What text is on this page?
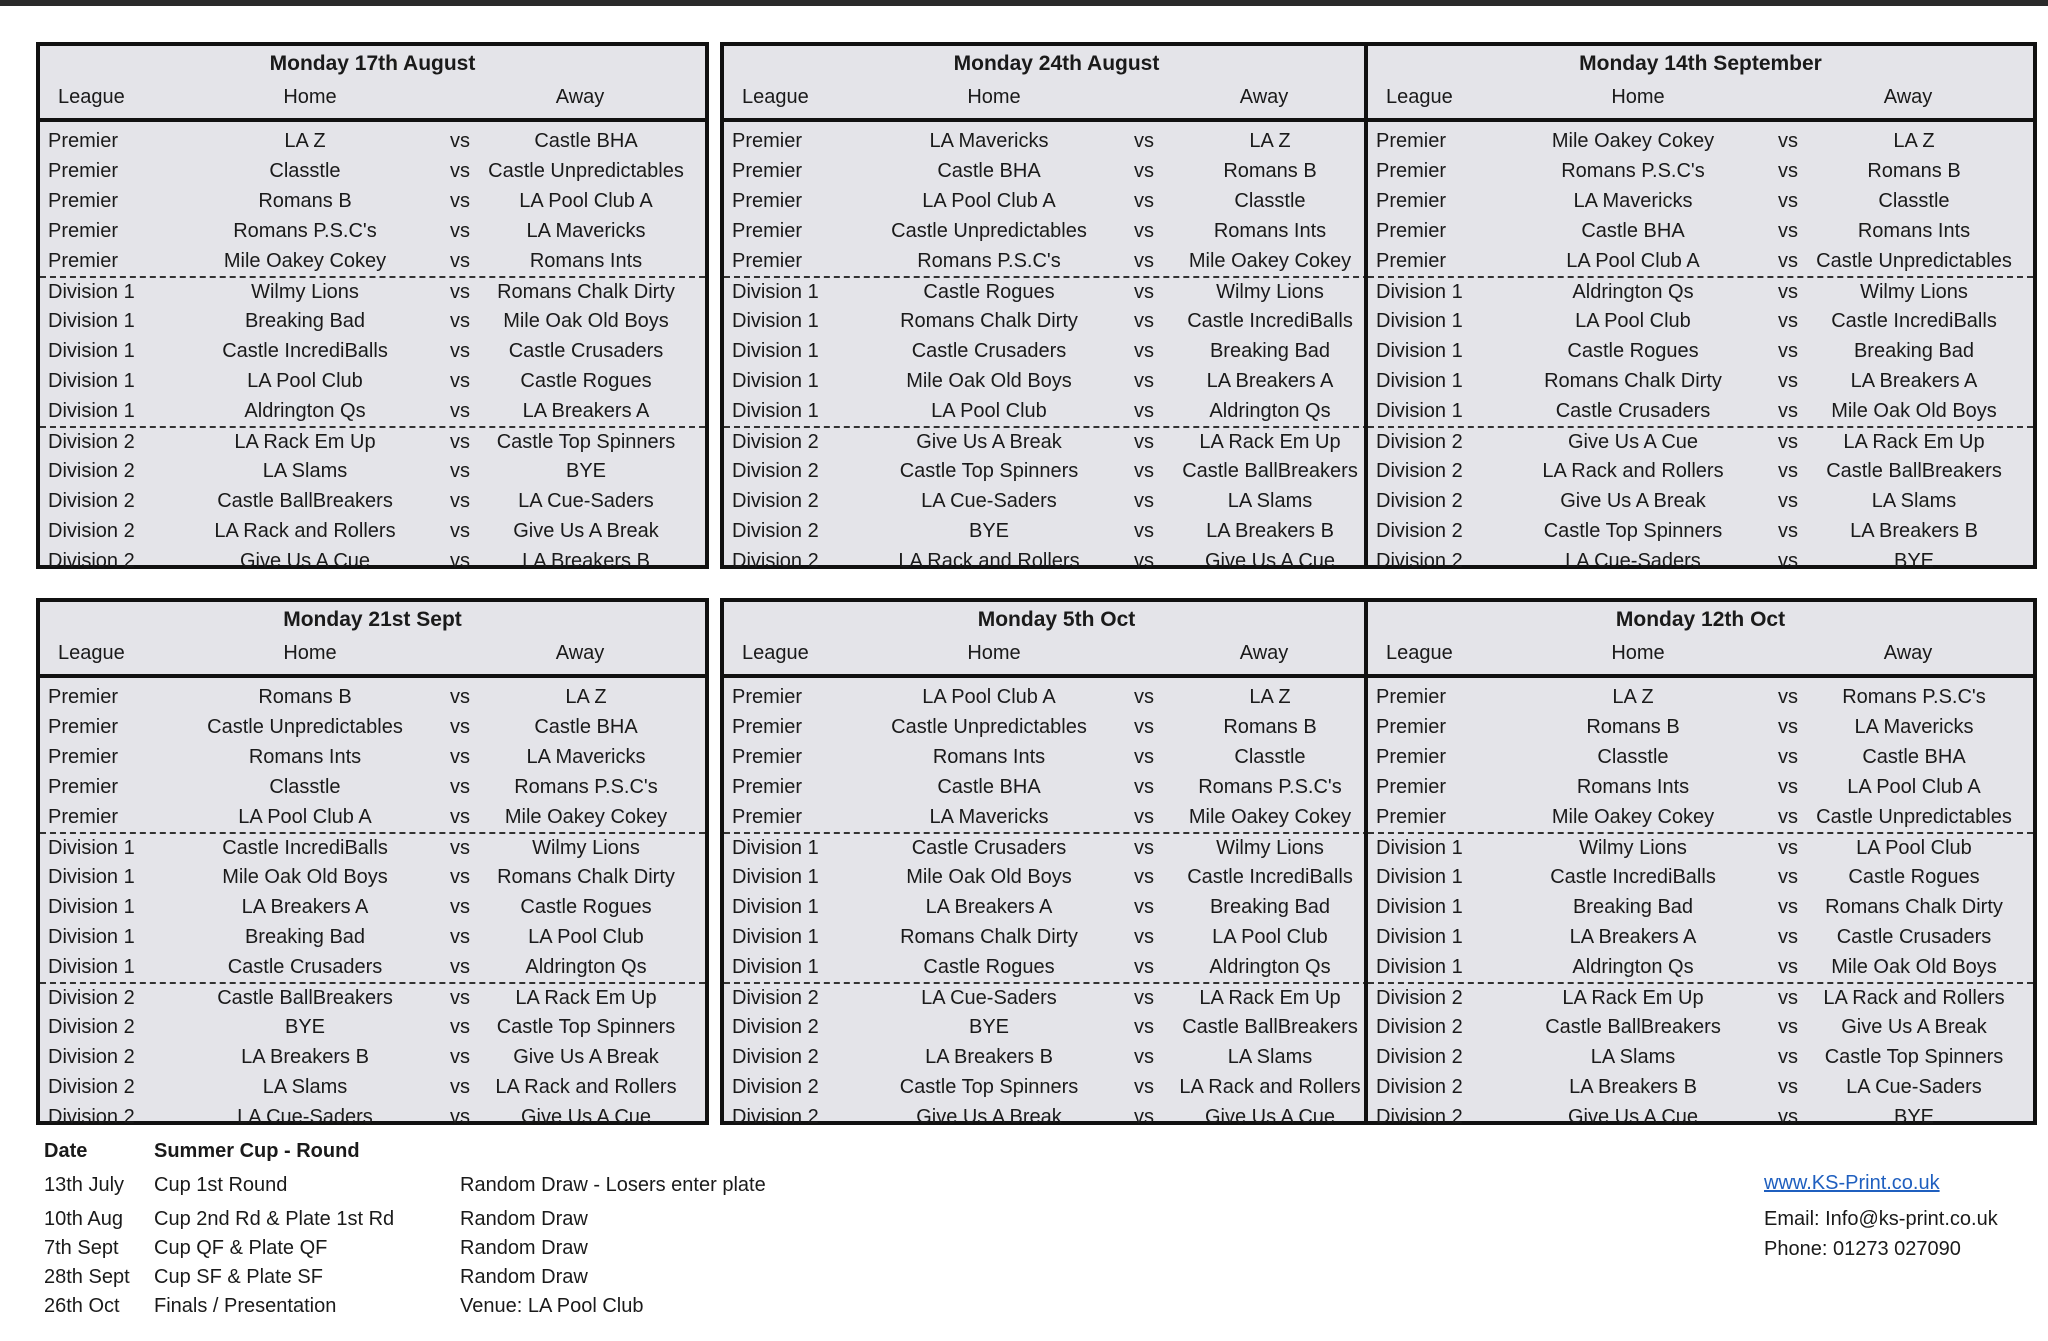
Monday 17th August
League	Home	Away
Premier	LA Z	vs	Castle BHA
Premier	Classtle	vs Castle Unpredictables
Premier	Romans B	vs	LA Pool Club A
Premier	Romans P.S.C's	vs	LA Mavericks
Premier	Mile Oakey Cokey	vs	Romans Ints
Division 1	Wilmy Lions	vs	Romans Chalk Dirty
Division 1	Breaking Bad	vs	Mile Oak Old Boys
Division 1	Castle IncrediBalls	vs	Castle Crusaders
Division 1	LA Pool Club	vs	Castle Rogues
Division 1	Aldrington Qs	vs	LA Breakers A
Division 2	LA Rack Em Up	vs	Castle Top Spinners
Division 2	LA Slams	vs	BYE
Division 2	Castle BallBreakers	vs	LA Cue-Saders
Division 2	LA Rack and Rollers	vs	Give Us A Break
Division 2	Give Us A Cue	vs	LA Breakers B
Monday 24th August
League	Home	Away
Premier	LA Mavericks	vs	LA Z
Premier	Castle BHA	vs	Romans B
Premier	LA Pool Club A	vs	Classtle
Premier	Castle Unpredictables	vs	Romans Ints
Premier	Romans P.S.C's	vs	Mile Oakey Cokey
Division 1	Castle Rogues	vs	Wilmy Lions
Division 1	Romans Chalk Dirty	vs	Castle IncrediBalls
Division 1	Castle Crusaders	vs	Breaking Bad
Division 1	Mile Oak Old Boys	vs	LA Breakers A
Division 1	LA Pool Club	vs	Aldrington Qs
Division 2	Give Us A Break	vs	LA Rack Em Up
Division 2	Castle Top Spinners	vs	Castle BallBreakers
Division 2	LA Cue-Saders	vs	LA Slams
Division 2	BYE	vs	LA Breakers B
Division 2	LA Rack and Rollers	vs	Give Us A Cue
Monday 14th September
League	Home	Away
Premier	Mile Oakey Cokey	vs	LA Z
Premier	Romans P.S.C's	vs	Romans B
Premier	LA Mavericks	vs	Classtle
Premier	Castle BHA	vs	Romans Ints
Premier	LA Pool Club A	vs Castle Unpredictables
Division 1	Aldrington Qs	vs	Wilmy Lions
Division 1	LA Pool Club	vs	Castle IncrediBalls
Division 1	Castle Rogues	vs	Breaking Bad
Division 1	Romans Chalk Dirty	vs	LA Breakers A
Division 1	Castle Crusaders	vs	Mile Oak Old Boys
Division 2	Give Us A Cue	vs	LA Rack Em Up
Division 2	LA Rack and Rollers	vs	Castle BallBreakers
Division 2	Give Us A Break	vs	LA Slams
Division 2	Castle Top Spinners	vs	LA Breakers B
Division 2	LA Cue-Saders	vs	BYE
Monday 21st Sept
League	Home	Away
Premier	Romans B	vs	LA Z
Premier	Castle Unpredictables	vs	Castle BHA
Premier	Romans Ints	vs	LA Mavericks
Premier	Classtle	vs	Romans P.S.C's
Premier	LA Pool Club A	vs	Mile Oakey Cokey
Division 1	Castle IncrediBalls	vs	Wilmy Lions
Division 1	Mile Oak Old Boys	vs	Romans Chalk Dirty
Division 1	LA Breakers A	vs	Castle Rogues
Division 1	Breaking Bad	vs	LA Pool Club
Division 1	Castle Crusaders	vs	Aldrington Qs
Division 2	Castle BallBreakers	vs	LA Rack Em Up
Division 2	BYE	vs	Castle Top Spinners
Division 2	LA Breakers B	vs	Give Us A Break
Division 2	LA Slams	vs	LA Rack and Rollers
Division 2	LA Cue-Saders	vs	Give Us A Cue
Monday 5th Oct
League	Home	Away
Premier	LA Pool Club A	vs	LA Z
Premier	Castle Unpredictables	vs	Romans B
Premier	Romans Ints	vs	Classtle
Premier	Castle BHA	vs	Romans P.S.C's
Premier	LA Mavericks	vs	Mile Oakey Cokey
Division 1	Castle Crusaders	vs	Wilmy Lions
Division 1	Mile Oak Old Boys	vs	Castle IncrediBalls
Division 1	LA Breakers A	vs	Breaking Bad
Division 1	Romans Chalk Dirty	vs	LA Pool Club
Division 1	Castle Rogues	vs	Aldrington Qs
Division 2	LA Cue-Saders	vs	LA Rack Em Up
Division 2	BYE	vs	Castle BallBreakers
Division 2	LA Breakers B	vs	LA Slams
Division 2	Castle Top Spinners	vs	LA Rack and Rollers
Division 2	Give Us A Break	vs	Give Us A Cue
Monday 12th Oct
League	Home	Away
Premier	LA Z	vs	Romans P.S.C's
Premier	Romans B	vs	LA Mavericks
Premier	Classtle	vs	Castle BHA
Premier	Romans Ints	vs	LA Pool Club A
Premier	Mile Oakey Cokey	vs Castle Unpredictables
Division 1	Wilmy Lions	vs	LA Pool Club
Division 1	Castle IncrediBalls	vs	Castle Rogues
Division 1	Breaking Bad	vs	Romans Chalk Dirty
Division 1	LA Breakers A	vs	Castle Crusaders
Division 1	Aldrington Qs	vs	Mile Oak Old Boys
Division 2	LA Rack Em Up	vs	LA Rack and Rollers
Division 2	Castle BallBreakers	vs	Give Us A Break
Division 2	LA Slams	vs	Castle Top Spinners
Division 2	LA Breakers B	vs	LA Cue-Saders
Division 2	Give Us A Cue	vs	BYE
Date	Summer Cup - Round
13th July Cup 1st Round	Random Draw - Losers enter plate
10th Aug Cup 2nd Rd & Plate 1st Rd	Random Draw
7th Sept Cup QF & Plate QF	Random Draw
28th Sept Cup SF & Plate SF	Random Draw
26th Oct Finals / Presentation	Venue: LA Pool Club
www.KS-Print.co.uk
Email: Info@ks-print.co.uk
Phone: 01273 027090
